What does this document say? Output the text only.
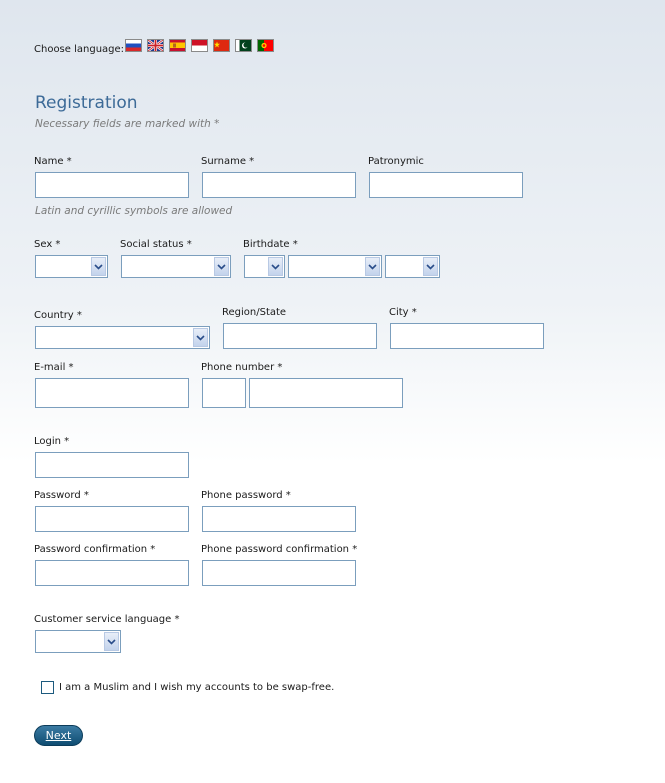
Choose language:
Registration
Necessary fields are marked with *
Name *	Surname *	Patronymic
Latin and cyrillic symbols are allowed
Sex *	Social status *	Birthdate *
Country *	Region/State	City *
E-mail *	Phone number *
Login *
Password *	Phone password *
Password confirmation *	Phone password confirmation *
Customer service language *
I am a Muslim and I wish my accounts to be swap-free.
Next
